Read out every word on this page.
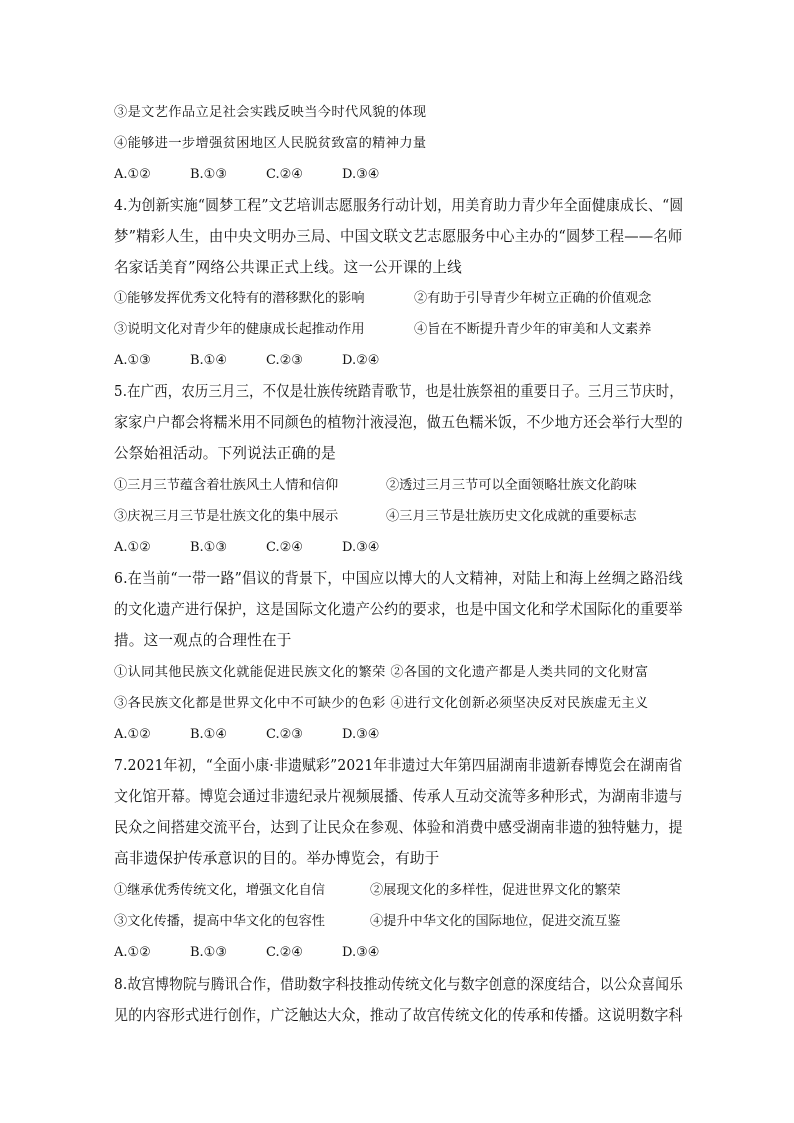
③是文艺作品立足社会实践反映当今时代风貌的体现
④能够进一步增强贫困地区人民脱贫致富的精神力量
A.①②	B.①③	C.②④	D.③④
4.为创新实施“圆梦工程”文艺培训志愿服务行动计划，用美育助力青少年全面健康成长、“圆
梦”精彩人生，由中央文明办三局、中国文联文艺志愿服务中心主办的“圆梦工程——名师
名家话美育”网络公共课正式上线。这一公开课的上线
①能够发挥优秀文化特有的潜移默化的影响	②有助于引导青少年树立正确的价值观念
③说明文化对青少年的健康成长起推动作用	④旨在不断提升青少年的审美和人文素养
A.①③	B.①④	C.②③	D.②④
5.在广西，农历三月三，不仅是壮族传统踏青歌节，也是壮族祭祖的重要日子。三月三节庆时，
家家户户都会将糯米用不同颜色的植物汁液浸泡，做五色糯米饭，不少地方还会举行大型的
公祭始祖活动。下列说法正确的是
①三月三节蕴含着壮族风土人情和信仰	②透过三月三节可以全面领略壮族文化韵味
③庆祝三月三节是壮族文化的集中展示	④三月三节是壮族历史文化成就的重要标志
A.①②	B.①③	C.②④	D.③④
6.在当前“一带一路”倡议的背景下，中国应以博大的人文精神，对陆上和海上丝绸之路沿线
的文化遗产进行保护，这是国际文化遗产公约的要求，也是中国文化和学术国际化的重要举
措。这一观点的合理性在于
①认同其他民族文化就能促进民族文化的繁荣 ②各国的文化遗产都是人类共同的文化财富
③各民族文化都是世界文化中不可缺少的色彩 ④进行文化创新必须坚决反对民族虚无主义
A.①②	B.①④	C.②③	D.③④
7.2021年初，“全面小康·非遗赋彩”2021年非遗过大年第四届湖南非遗新春博览会在湖南省
文化馆开幕。博览会通过非遗纪录片视频展播、传承人互动交流等多种形式，为湖南非遗与
民众之间搭建交流平台，达到了让民众在参观、体验和消费中感受湖南非遗的独特魅力，提
高非遗保护传承意识的目的。举办博览会，有助于
①继承优秀传统文化，增强文化自信	②展现文化的多样性，促进世界文化的繁荣
③文化传播，提高中华文化的包容性	④提升中华文化的国际地位，促进交流互鉴
A.①②	B.①③	C.②④	D.③④
8.故宫博物院与腾讯合作，借助数字科技推动传统文化与数字创意的深度结合，以公众喜闻乐
见的内容形式进行创作，广泛触达大众，推动了故宫传统文化的传承和传播。这说明数字科
